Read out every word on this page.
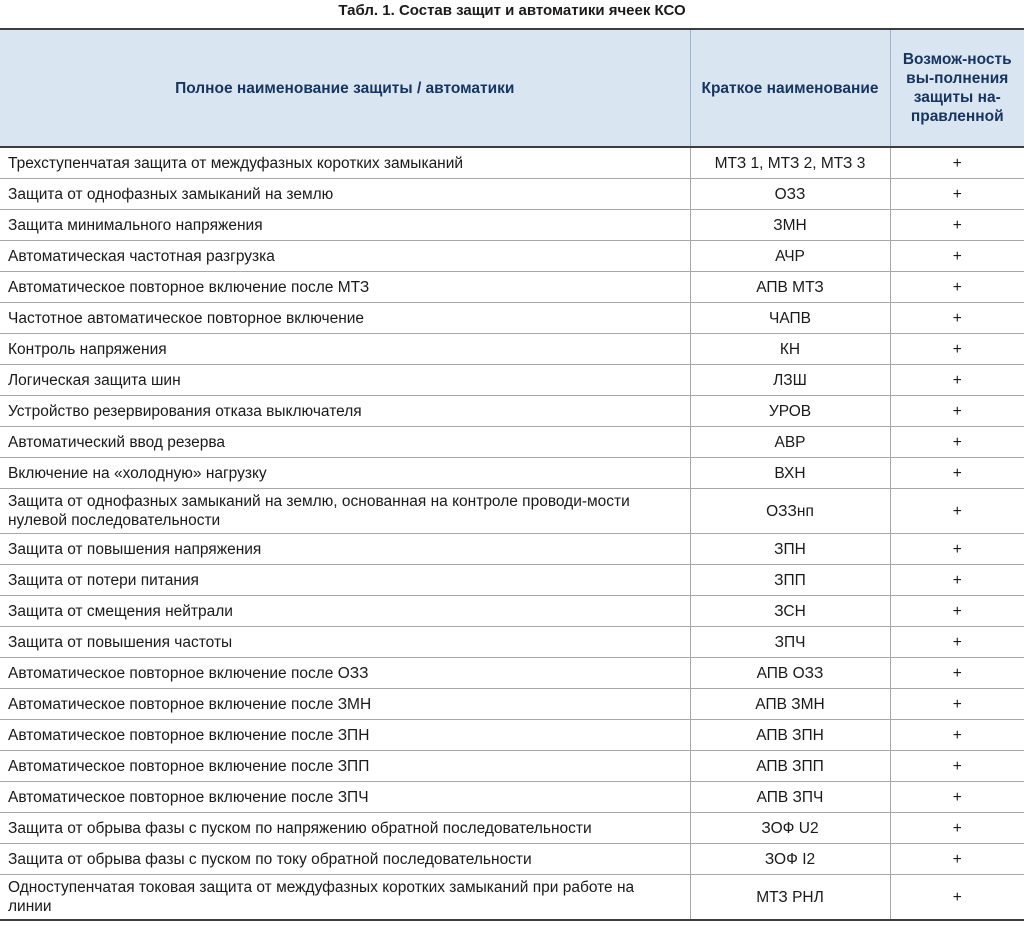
Табл. 1. Состав защит и автоматики ячеек КСО
Полное наименование защиты / автоматики	Краткое наименование	Возмож-ность вы-полнения защиты на-правленной
Трехступенчатая защита от междуфазных коротких замыканий	МТЗ 1, МТЗ 2, МТЗ 3	+
Защита от однофазных замыканий на землю	ОЗЗ	+
Защита минимального напряжения	ЗМН	+
Автоматическая частотная разгрузка	АЧР	+
Автоматическое повторное включение после МТЗ	АПВ МТЗ	+
Частотное автоматическое повторное включение	ЧАПВ	+
Контроль напряжения	КН	+
Логическая защита шин	ЛЗШ	+
Устройство резервирования отказа выключателя	УРОВ	+
Автоматический ввод резерва	АВР	+
Включение на «холодную» нагрузку	ВХН	+
Защита от однофазных замыканий на землю, основанная на контроле проводи-мости нулевой последовательности	ОЗЗнп	+
Защита от повышения напряжения	ЗПН	+
Защита от потери питания	ЗПП	+
Защита от смещения нейтрали	ЗСН	+
Защита от повышения частоты	ЗПЧ	+
Автоматическое повторное включение после ОЗЗ	АПВ ОЗЗ	+
Автоматическое повторное включение после ЗМН	АПВ ЗМН	+
Автоматическое повторное включение после ЗПН	АПВ ЗПН	+
Автоматическое повторное включение после ЗПП	АПВ ЗПП	+
Автоматическое повторное включение после ЗПЧ	АПВ ЗПЧ	+
Защита от обрыва фазы с пуском по напряжению обратной последовательности	ЗОФ U2	+
Защита от обрыва фазы с пуском по току обратной последовательности	ЗОФ I2	+
Одноступенчатая токовая защита от междуфазных коротких замыканий при работе на линии	МТЗ РНЛ	+
